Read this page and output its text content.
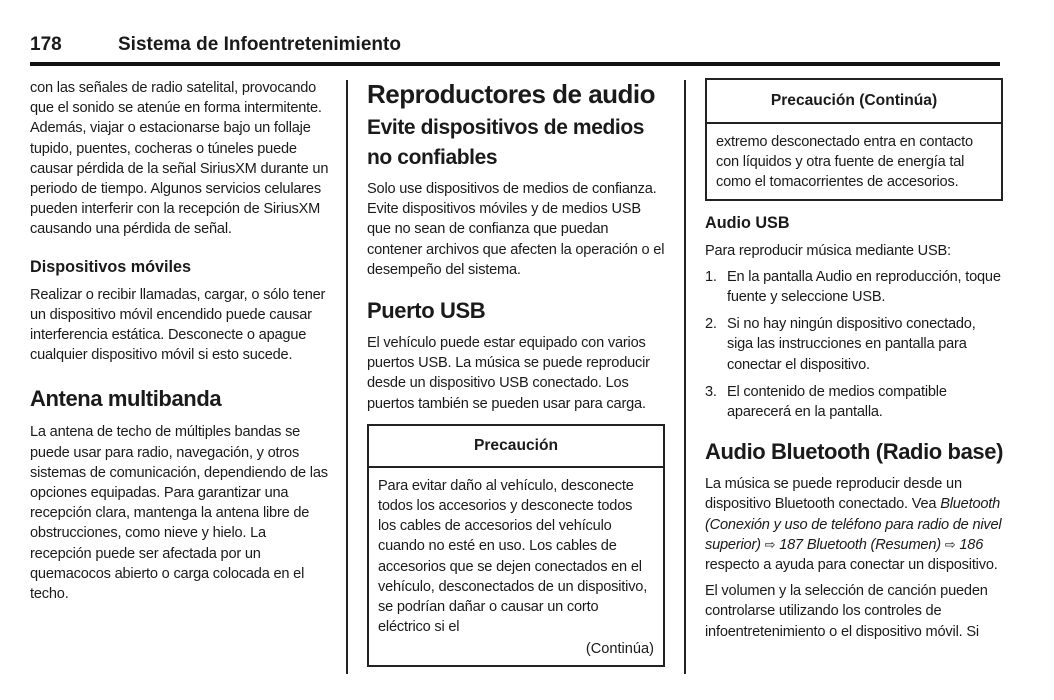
178	Sistema de Infoentretenimiento

con las señales de radio satelital, provocando que el sonido se atenúe en forma intermitente. Además, viajar o estacionarse bajo un follaje tupido, puentes, cocheras o túneles puede causar pérdida de la señal SiriusXM durante un periodo de tiempo. Algunos servicios celulares pueden interferir con la recepción de SiriusXM causando una pérdida de señal.

Dispositivos móviles

Realizar o recibir llamadas, cargar, o sólo tener un dispositivo móvil encendido puede causar interferencia estática. Desconecte o apague cualquier dispositivo móvil si esto sucede.

Antena multibanda

La antena de techo de múltiples bandas se puede usar para radio, navegación, y otros sistemas de comunicación, dependiendo de las opciones equipadas. Para garantizar una recepción clara, mantenga la antena libre de obstrucciones, como nieve y hielo. La recepción puede ser afectada por un quemacocos abierto o carga colocada en el techo.

Reproductores de audio
Evite dispositivos de medios no confiables

Solo use dispositivos de medios de confianza. Evite dispositivos móviles y de medios USB que no sean de confianza que puedan contener archivos que afecten la operación o el desempeño del sistema.

Puerto USB

El vehículo puede estar equipado con varios puertos USB. La música se puede reproducir desde un dispositivo USB conectado. Los puertos también se pueden usar para carga.

Precaución

Para evitar daño al vehículo, desconecte todos los accesorios y desconecte todos los cables de accesorios del vehículo cuando no esté en uso. Los cables de accesorios que se dejen conectados en el vehículo, desconectados de un dispositivo, se podrían dañar o causar un corto eléctrico si el

(Continúa)
Precaución (Continúa)

extremo desconectado entra en contacto con líquidos y otra fuente de energía tal como el tomacorrientes de accesorios.

Audio USB

Para reproducir música mediante USB:

1. En la pantalla Audio en reproducción, toque fuente y seleccione USB.
2. Si no hay ningún dispositivo conectado, siga las instrucciones en pantalla para conectar el dispositivo.
3. El contenido de medios compatible aparecerá en la pantalla.
Audio Bluetooth (Radio base)

La música se puede reproducir desde un dispositivo Bluetooth conectado. Vea Bluetooth (Conexión y uso de teléfono para radio de nivel superior) ⇨ 187 Bluetooth (Resumen) ⇨ 186 respecto a ayuda para conectar un dispositivo.

El volumen y la selección de canción pueden controlarse utilizando los controles de infoentretenimiento o el dispositivo móvil. Si
